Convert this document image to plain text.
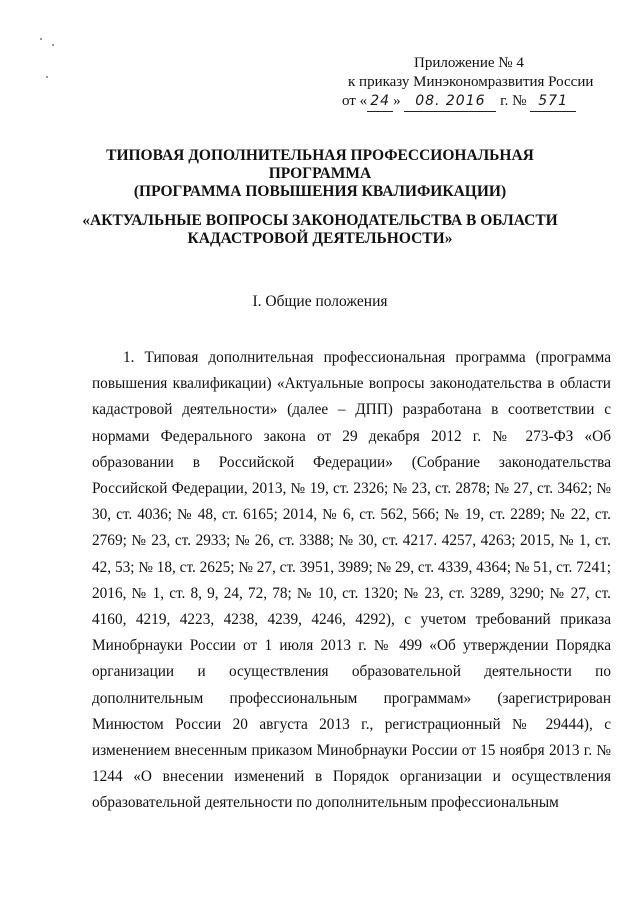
Приложение № 4
к приказу Минэкономразвития России
от « 24 » 08. 2016 г. № 571
ТИПОВАЯ ДОПОЛНИТЕЛЬНАЯ ПРОФЕССИОНАЛЬНАЯ
ПРОГРАММА
(ПРОГРАММА ПОВЫШЕНИЯ КВАЛИФИКАЦИИ)
«АКТУАЛЬНЫЕ ВОПРОСЫ ЗАКОНОДАТЕЛЬСТВА В ОБЛАСТИ
КАДАСТРОВОЙ ДЕЯТЕЛЬНОСТИ»
I. Общие положения
1. Типовая дополнительная профессиональная программа (программа повышения квалификации) «Актуальные вопросы законодательства в области кадастровой деятельности» (далее – ДПП) разработана в соответствии с нормами Федерального закона от 29 декабря 2012 г. № 273-ФЗ «Об образовании в Российской Федерации» (Собрание законодательства Российской Федерации, 2013, № 19, ст. 2326; № 23, ст. 2878; № 27, ст. 3462; № 30, ст. 4036; № 48, ст. 6165; 2014, № 6, ст. 562, 566; № 19, ст. 2289; № 22, ст. 2769; № 23, ст. 2933; № 26, ст. 3388; № 30, ст. 4217. 4257, 4263; 2015, № 1, ст. 42, 53; № 18, ст. 2625; № 27, ст. 3951, 3989; № 29, ст. 4339, 4364; № 51, ст. 7241; 2016, № 1, ст. 8, 9, 24, 72, 78; № 10, ст. 1320; № 23, ст. 3289, 3290; № 27, ст. 4160, 4219, 4223, 4238, 4239, 4246, 4292), с учетом требований приказа Минобрнауки России от 1 июля 2013 г. № 499 «Об утверждении Порядка организации и осуществления образовательной деятельности по дополнительным профессиональным программам» (зарегистрирован Минюстом России 20 августа 2013 г., регистрационный № 29444), с изменением внесенным приказом Минобрнауки России от 15 ноября 2013 г. № 1244 «О внесении изменений в Порядок организации и осуществления образовательной деятельности по дополнительным профессиональным
